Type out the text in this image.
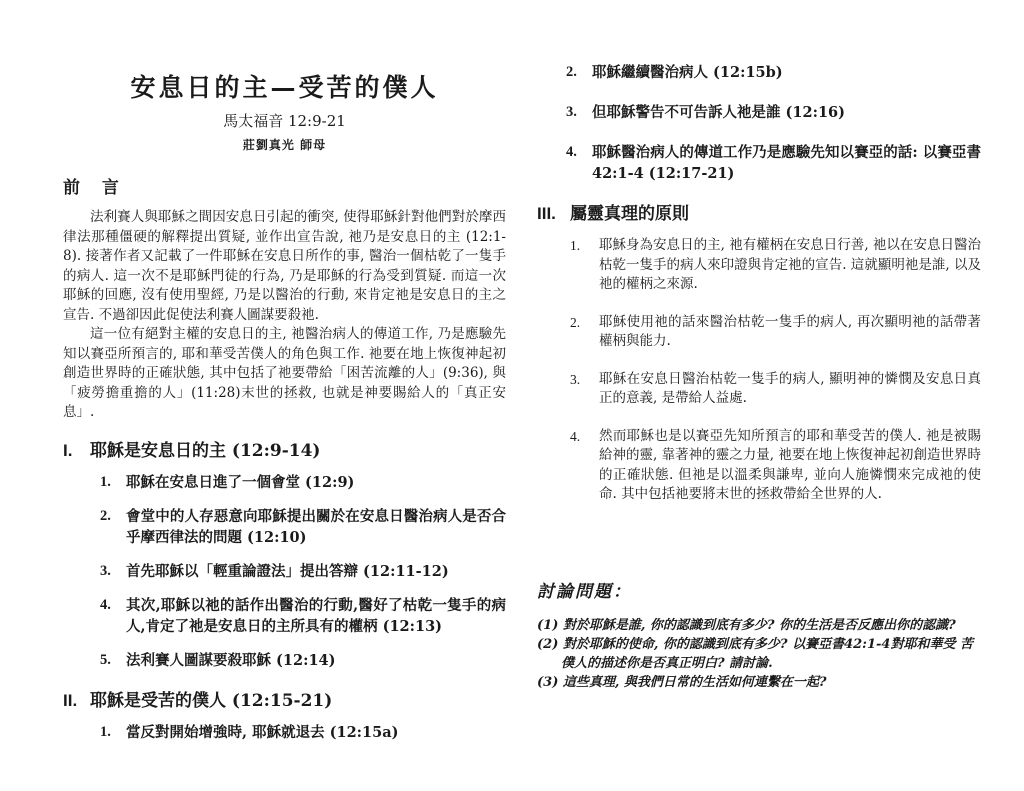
安息日的主—受苦的僕人
馬太福音 12:9-21
莊劉真光 師母
前 言

法利賽人與耶穌之間因安息日引起的衝突, 使得耶穌針對他們對於摩西律法那種僵硬的解釋提出質疑, 並作出宣告說, 祂乃是安息日的主 (12:1-8). 接著作者又記載了一件耶穌在安息日所作的事, 醫治一個枯乾了一隻手的病人. 這一次不是耶穌門徒的行為, 乃是耶穌的行為受到質疑. 而這一次耶穌的回應, 沒有使用聖經, 乃是以醫治的行動, 來肯定祂是安息日的主之宣告. 不過卻因此促使法利賽人圖謀要殺祂.

這一位有絕對主權的安息日的主, 祂醫治病人的傳道工作, 乃是應驗先知以賽亞所預言的, 耶和華受苦僕人的角色與工作. 祂要在地上恢復神起初創造世界時的正確狀態, 其中包括了祂要帶給「困苦流離的人」(9:36), 與「疲勞擔重擔的人」(11:28)末世的拯救, 也就是神要賜給人的「真正安息」.

I.	耶穌是安息日的主 (12:9-14)
1.	耶穌在安息日進了一個會堂 (12:9)
2.	會堂中的人存惡意向耶穌提出關於在安息日醫治病人是否合乎摩西律法的問題 (12:10)
3.	首先耶穌以「輕重論證法」提出答辯 (12:11-12)
4.	其次,耶穌以祂的話作出醫治的行動,醫好了枯乾一隻手的病人,肯定了祂是安息日的主所具有的權柄 (12:13)
5.	法利賽人圖謀要殺耶穌 (12:14)
II. 耶穌是受苦的僕人 (12:15-21)
1.	當反對開始增強時, 耶穌就退去 (12:15a)
2.	耶穌繼續醫治病人 (12:15b)
3.	但耶穌警告不可告訴人祂是誰 (12:16)
4.	耶穌醫治病人的傳道工作乃是應驗先知以賽亞的話: 以賽亞書 42:1-4 (12:17-21)
III. 屬靈真理的原則
1.	耶穌身為安息日的主, 祂有權柄在安息日行善, 祂以在安息日醫治枯乾一隻手的病人來印證與肯定祂的宣告. 這就顯明祂是誰, 以及祂的權柄之來源.
2.	耶穌使用祂的話來醫治枯乾一隻手的病人, 再次顯明祂的話帶著權柄與能力.
3.	耶穌在安息日醫治枯乾一隻手的病人, 顯明神的憐憫及安息日真正的意義, 是帶給人益處.
4.	然而耶穌也是以賽亞先知所預言的耶和華受苦的僕人. 祂是被賜給神的靈, 靠著神的靈之力量, 祂要在地上恢復神起初創造世界時的正確狀態. 但祂是以溫柔與謙卑, 並向人施憐憫來完成祂的使命. 其中包括祂要將末世的拯救帶給全世界的人.
討論問題：

(1) 對於耶穌是誰, 你的認識到底有多少? 你的生活是否反應出你的認識?

(2) 對於耶穌的使命, 你的認識到底有多少? 以賽亞書42:1-4對耶和華受 苦僕人的描述你是否真正明白? 請討論.

(3) 這些真理, 與我們日常的生活如何連繫在一起?
